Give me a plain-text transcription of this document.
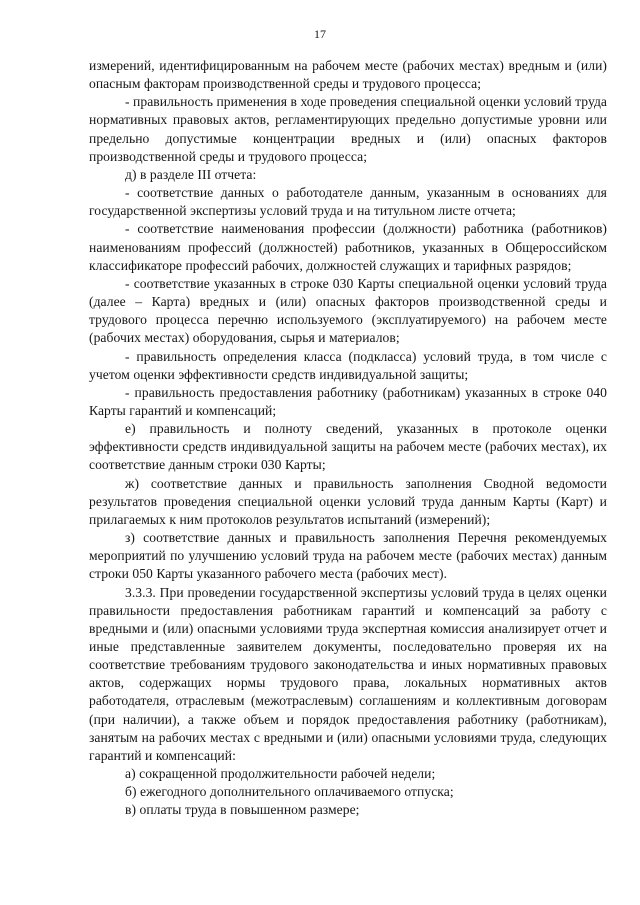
17

измерений, идентифицированным на рабочем месте (рабочих местах) вредным и (или) опасным факторам производственной среды и трудового процесса;

- правильность применения в ходе проведения специальной оценки условий труда нормативных правовых актов, регламентирующих предельно допустимые уровни или предельно допустимые концентрации вредных и (или) опасных факторов производственной среды и трудового процесса;

д) в разделе III отчета:

- соответствие данных о работодателе данным, указанным в основаниях для государственной экспертизы условий труда и на титульном листе отчета;

- соответствие наименования профессии (должности) работника (работников) наименованиям профессий (должностей) работников, указанных в Общероссийском классификаторе профессий рабочих, должностей служащих и тарифных разрядов;

- соответствие указанных в строке 030 Карты специальной оценки условий труда (далее – Карта) вредных и (или) опасных факторов производственной среды и трудового процесса перечню используемого (эксплуатируемого) на рабочем месте (рабочих местах) оборудования, сырья и материалов;

- правильность определения класса (подкласса) условий труда, в том числе с учетом оценки эффективности средств индивидуальной защиты;

- правильность предоставления работнику (работникам) указанных в строке 040 Карты гарантий и компенсаций;

е) правильность и полноту сведений, указанных в протоколе оценки эффективности средств индивидуальной защиты на рабочем месте (рабочих местах), их соответствие данным строки 030 Карты;

ж) соответствие данных и правильность заполнения Сводной ведомости результатов проведения специальной оценки условий труда данным Карты (Карт) и прилагаемых к ним протоколов результатов испытаний (измерений);

з) соответствие данных и правильность заполнения Перечня рекомендуемых мероприятий по улучшению условий труда на рабочем месте (рабочих местах) данным строки 050 Карты указанного рабочего места (рабочих мест).

3.3.3. При проведении государственной экспертизы условий труда в целях оценки правильности предоставления работникам гарантий и компенсаций за работу с вредными и (или) опасными условиями труда экспертная комиссия анализирует отчет и иные представленные заявителем документы, последовательно проверяя их на соответствие требованиям трудового законодательства и иных нормативных правовых актов, содержащих нормы трудового права, локальных нормативных актов работодателя, отраслевым (межотраслевым) соглашениям и коллективным договорам (при наличии), а также объем и порядок предоставления работнику (работникам), занятым на рабочих местах с вредными и (или) опасными условиями труда, следующих гарантий и компенсаций:

а) сокращенной продолжительности рабочей недели;

б) ежегодного дополнительного оплачиваемого отпуска;

в) оплаты труда в повышенном размере;
